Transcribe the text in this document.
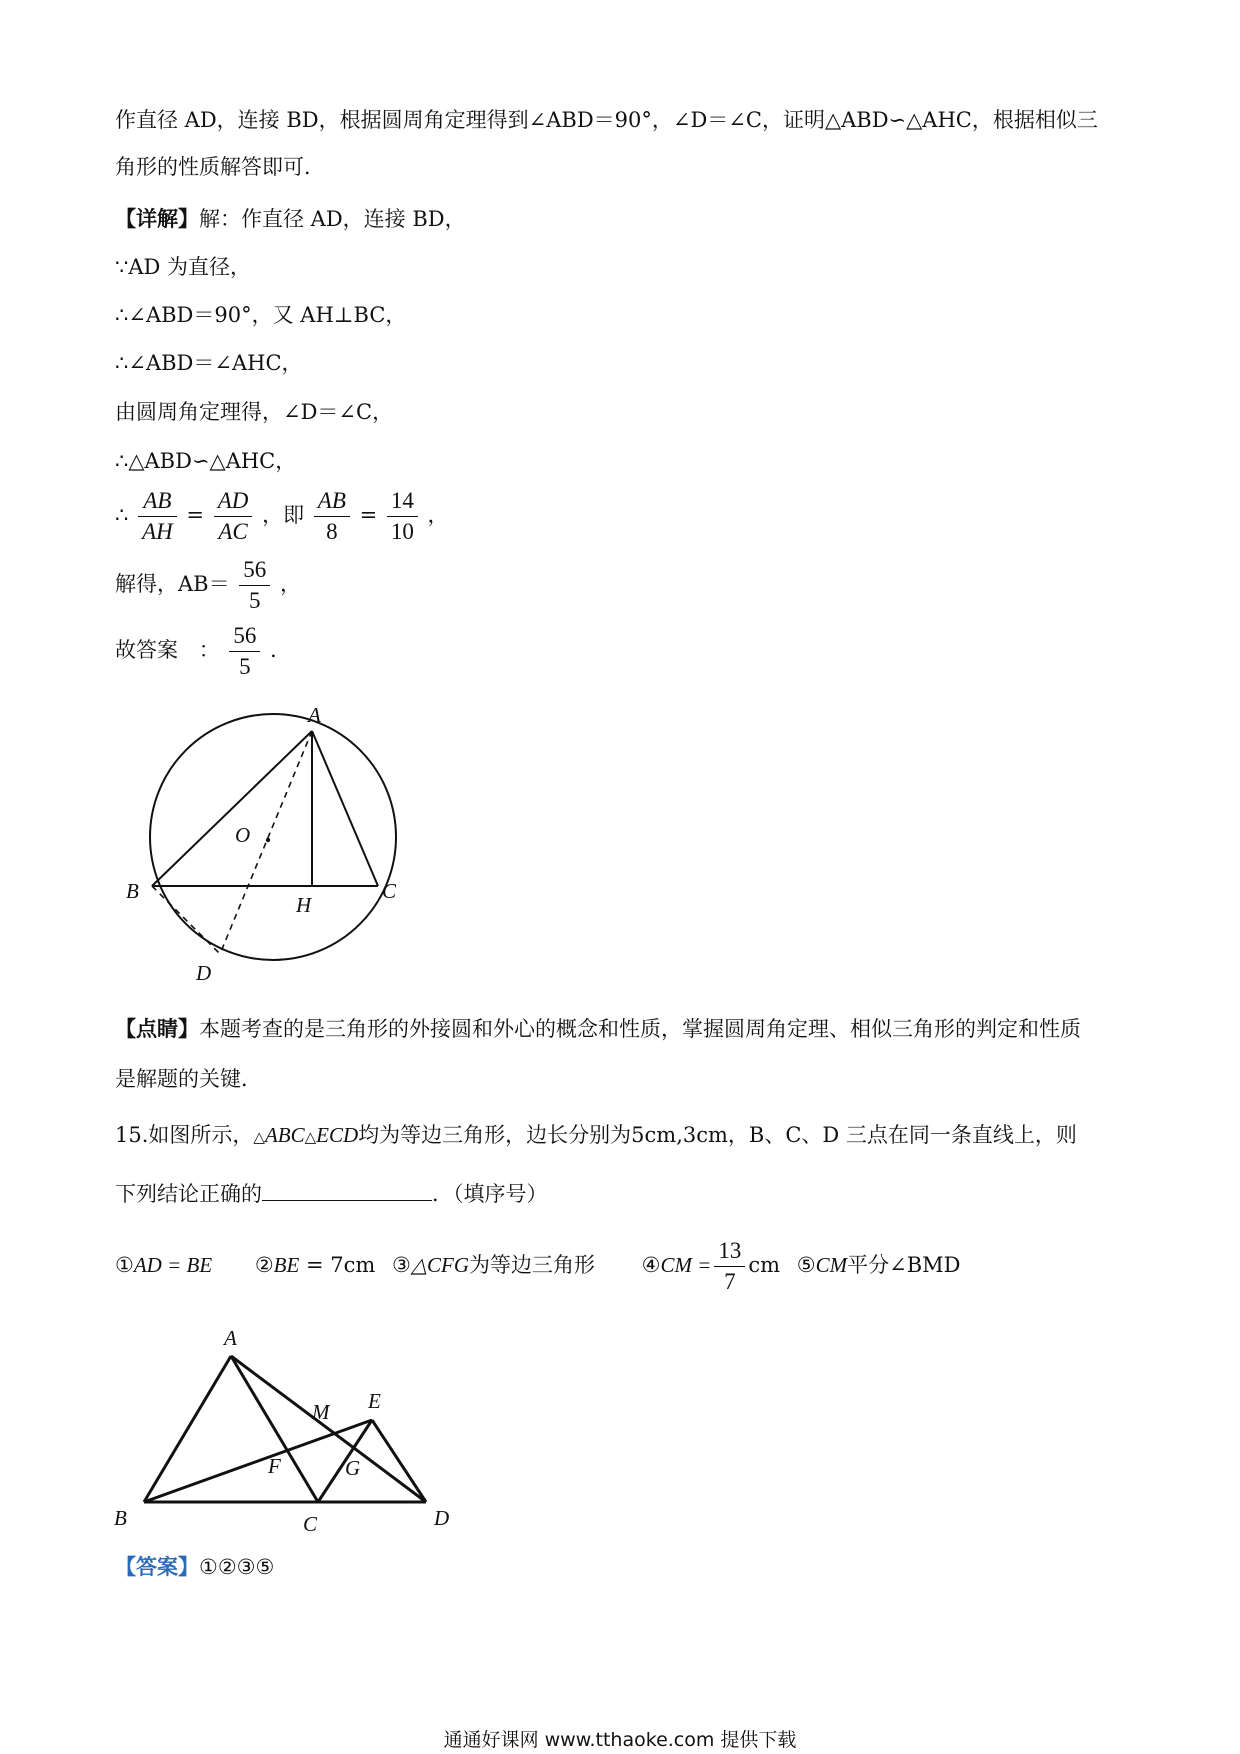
作直径 AD，连接 BD，根据圆周角定理得到∠ABD＝90°，∠D＝∠C，证明△ABD∽△AHC，根据相似三
角形的性质解答即可．
【详解】解：作直径 AD，连接 BD，
∵AD 为直径，
∴∠ABD＝90°，又 AH⊥BC，
∴∠ABD＝∠AHC，
由圆周角定理得，∠D＝∠C，
∴△ABD∽△AHC，
∴ $\frac{AB}{AH} = \frac{AD}{AC}$ ，即 $\frac{AB}{8} = \frac{14}{10}$ ，
解得，$AB= \frac{56}{5}$ ，
故答案 ： $\frac{56}{5}$ ．
A
O
B
H
C
D
【点睛】本题考查的是三角形的外接圆和外心的概念和性质，掌握圆周角定理、相似三角形的判定和性质
是解题的关键．
15.如图所示，△ABC△ECD均为等边三角形，边长分别为5cm,3cm，B、C、D 三点在同一条直线上，则
下列结论正确的	．（填序号）
①AD = BE ②BE = 7cm ③△CFG为等边三角形 ④CM = $\frac{13}{7}$ cm ⑤CM平分∠BMD
A
M E
F	G
B	C	D
【答案】①②③⑤
通通好课网 www.tthaoke.com 提供下载
